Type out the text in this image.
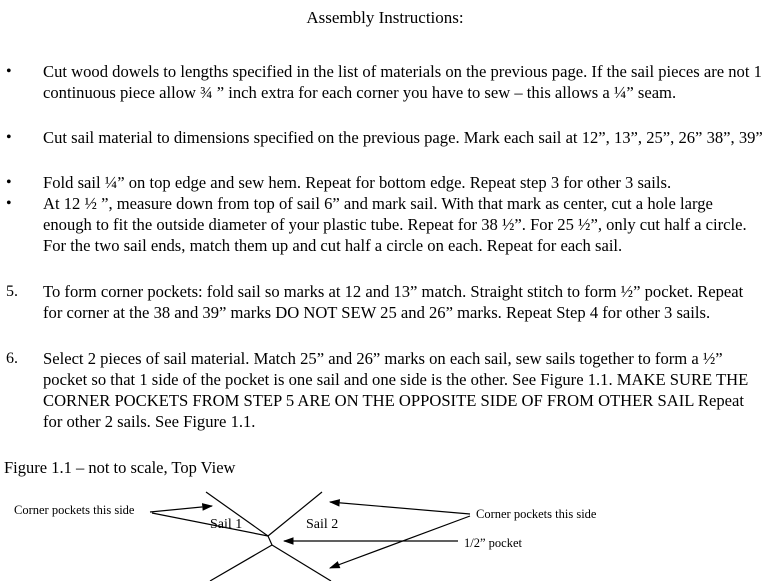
Assembly Instructions:
• Cut wood dowels to lengths specified in the list of materials on the previous page. If the sail pieces are not 1 continuous piece allow ¾ ” inch extra for each corner you have to sew – this allows a ¼” seam.
• Cut sail material to dimensions specified on the previous page. Mark each sail at 12”, 13”, 25”, 26” 38”, 39”
• Fold sail ¼” on top edge and sew hem. Repeat for bottom edge. Repeat step 3 for other 3 sails.
• At 12 ½ ”, measure down from top of sail 6” and mark sail. With that mark as center, cut a hole large enough to fit the outside diameter of your plastic tube. Repeat for 38 ½”. For 25 ½”, only cut half a circle. For the two sail ends, match them up and cut half a circle on each. Repeat for each sail.
5. To form corner pockets: fold sail so marks at 12 and 13” match. Straight stitch to form ½” pocket. Repeat for corner at the 38 and 39” marks DO NOT SEW 25 and 26” marks. Repeat Step 4 for other 3 sails.
6. Select 2 pieces of sail material. Match 25” and 26” marks on each sail, sew sails together to form a ½” pocket so that 1 side of the pocket is one sail and one side is the other. See Figure 1.1. MAKE SURE THE CORNER POCKETS FROM STEP 5 ARE ON THE OPPOSITE SIDE OF FROM OTHER SAIL Repeat for other 2 sails. See Figure 1.1.
Figure 1.1 – not to scale, Top View
Corner pockets this side	Corner pockets this side
1/2” pocket
Sail 1	Sail 2
